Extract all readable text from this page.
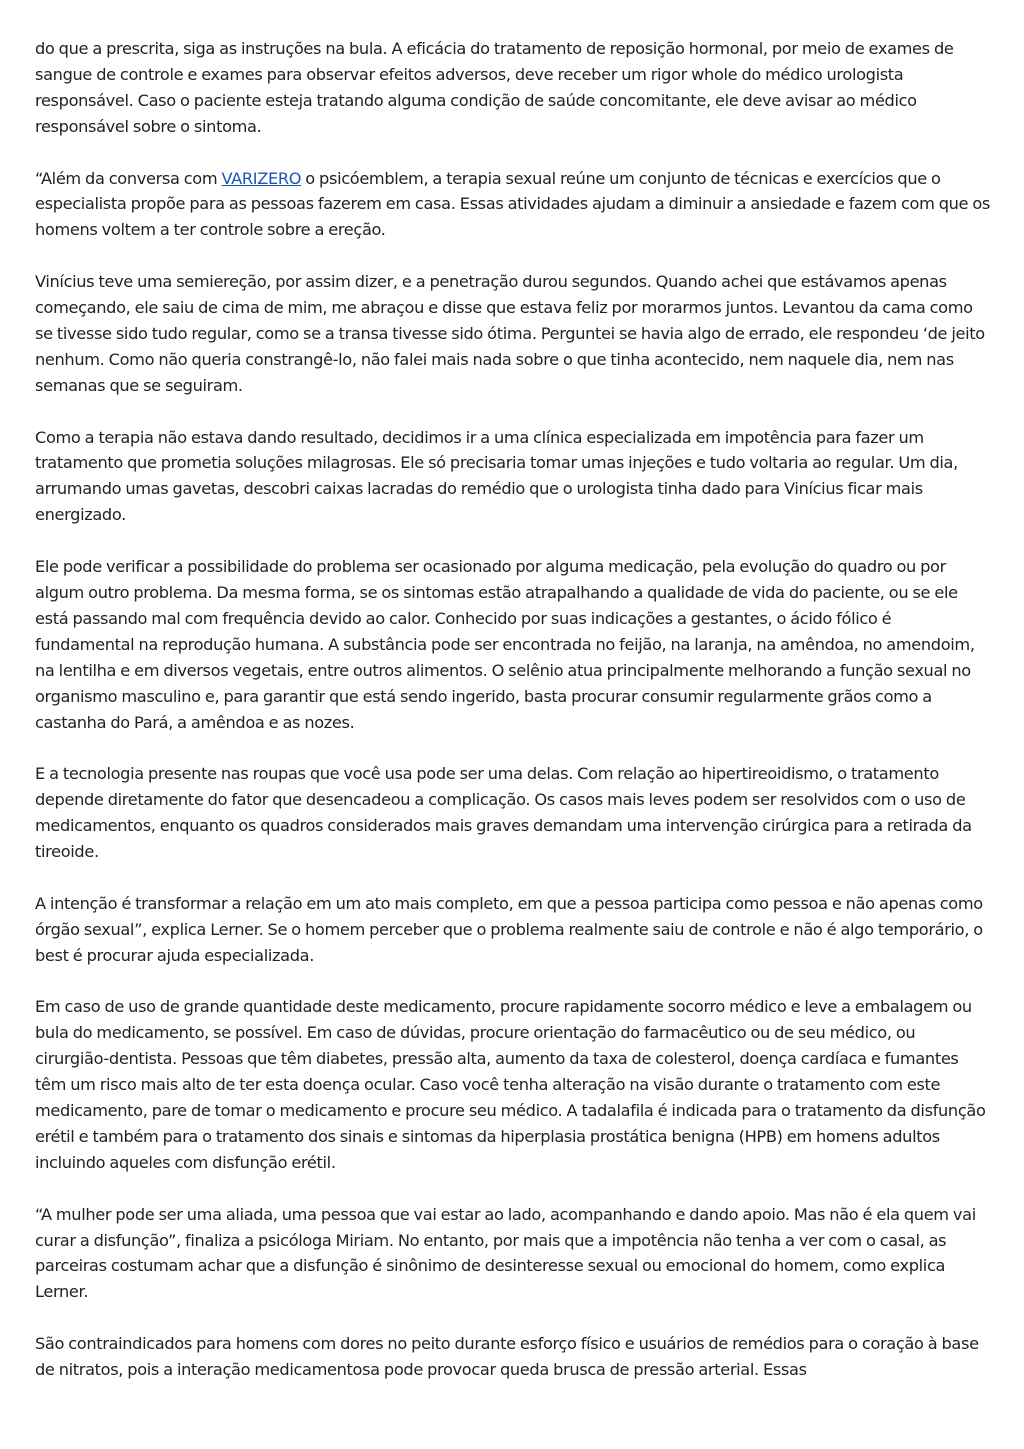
do que a prescrita, siga as instruções na bula. A eficácia do tratamento de reposição hormonal, por meio de exames de sangue de controle e exames para observar efeitos adversos, deve receber um rigor whole do médico urologista responsável. Caso o paciente esteja tratando alguma condição de saúde concomitante, ele deve avisar ao médico responsável sobre o sintoma.

“Além da conversa com VARIZERO o psicóemblem, a terapia sexual reúne um conjunto de técnicas e exercícios que o especialista propõe para as pessoas fazerem em casa. Essas atividades ajudam a diminuir a ansiedade e fazem com que os homens voltem a ter controle sobre a ereção.

Vinícius teve uma semiereção, por assim dizer, e a penetração durou segundos. Quando achei que estávamos apenas começando, ele saiu de cima de mim, me abraçou e disse que estava feliz por morarmos juntos. Levantou da cama como se tivesse sido tudo regular, como se a transa tivesse sido ótima. Perguntei se havia algo de errado, ele respondeu ‘de jeito nenhum. Como não queria constrangê-lo, não falei mais nada sobre o que tinha acontecido, nem naquele dia, nem nas semanas que se seguiram.

Como a terapia não estava dando resultado, decidimos ir a uma clínica especializada em impotência para fazer um tratamento que prometia soluções milagrosas. Ele só precisaria tomar umas injeções e tudo voltaria ao regular. Um dia, arrumando umas gavetas, descobri caixas lacradas do remédio que o urologista tinha dado para Vinícius ficar mais energizado.

Ele pode verificar a possibilidade do problema ser ocasionado por alguma medicação, pela evolução do quadro ou por algum outro problema. Da mesma forma, se os sintomas estão atrapalhando a qualidade de vida do paciente, ou se ele está passando mal com frequência devido ao calor. Conhecido por suas indicações a gestantes, o ácido fólico é fundamental na reprodução humana. A substância pode ser encontrada no feijão, na laranja, na amêndoa, no amendoim, na lentilha e em diversos vegetais, entre outros alimentos. O selênio atua principalmente melhorando a função sexual no organismo masculino e, para garantir que está sendo ingerido, basta procurar consumir regularmente grãos como a castanha do Pará, a amêndoa e as nozes.

E a tecnologia presente nas roupas que você usa pode ser uma delas. Com relação ao hipertireoidismo, o tratamento depende diretamente do fator que desencadeou a complicação. Os casos mais leves podem ser resolvidos com o uso de medicamentos, enquanto os quadros considerados mais graves demandam uma intervenção cirúrgica para a retirada da tireoide.

A intenção é transformar a relação em um ato mais completo, em que a pessoa participa como pessoa e não apenas como órgão sexual”, explica Lerner. Se o homem perceber que o problema realmente saiu de controle e não é algo temporário, o best é procurar ajuda especializada.

Em caso de uso de grande quantidade deste medicamento, procure rapidamente socorro médico e leve a embalagem ou bula do medicamento, se possível. Em caso de dúvidas, procure orientação do farmacêutico ou de seu médico, ou cirurgião-dentista. Pessoas que têm diabetes, pressão alta, aumento da taxa de colesterol, doença cardíaca e fumantes têm um risco mais alto de ter esta doença ocular. Caso você tenha alteração na visão durante o tratamento com este medicamento, pare de tomar o medicamento e procure seu médico. A tadalafila é indicada para o tratamento da disfunção erétil e também para o tratamento dos sinais e sintomas da hiperplasia prostática benigna (HPB) em homens adultos incluindo aqueles com disfunção erétil.

“A mulher pode ser uma aliada, uma pessoa que vai estar ao lado, acompanhando e dando apoio. Mas não é ela quem vai curar a disfunção”, finaliza a psicóloga Miriam. No entanto, por mais que a impotência não tenha a ver com o casal, as parceiras costumam achar que a disfunção é sinônimo de desinteresse sexual ou emocional do homem, como explica Lerner.

São contraindicados para homens com dores no peito durante esforço físico e usuários de remédios para o coração à base de nitratos, pois a interação medicamentosa pode provocar queda brusca de pressão arterial. Essas
